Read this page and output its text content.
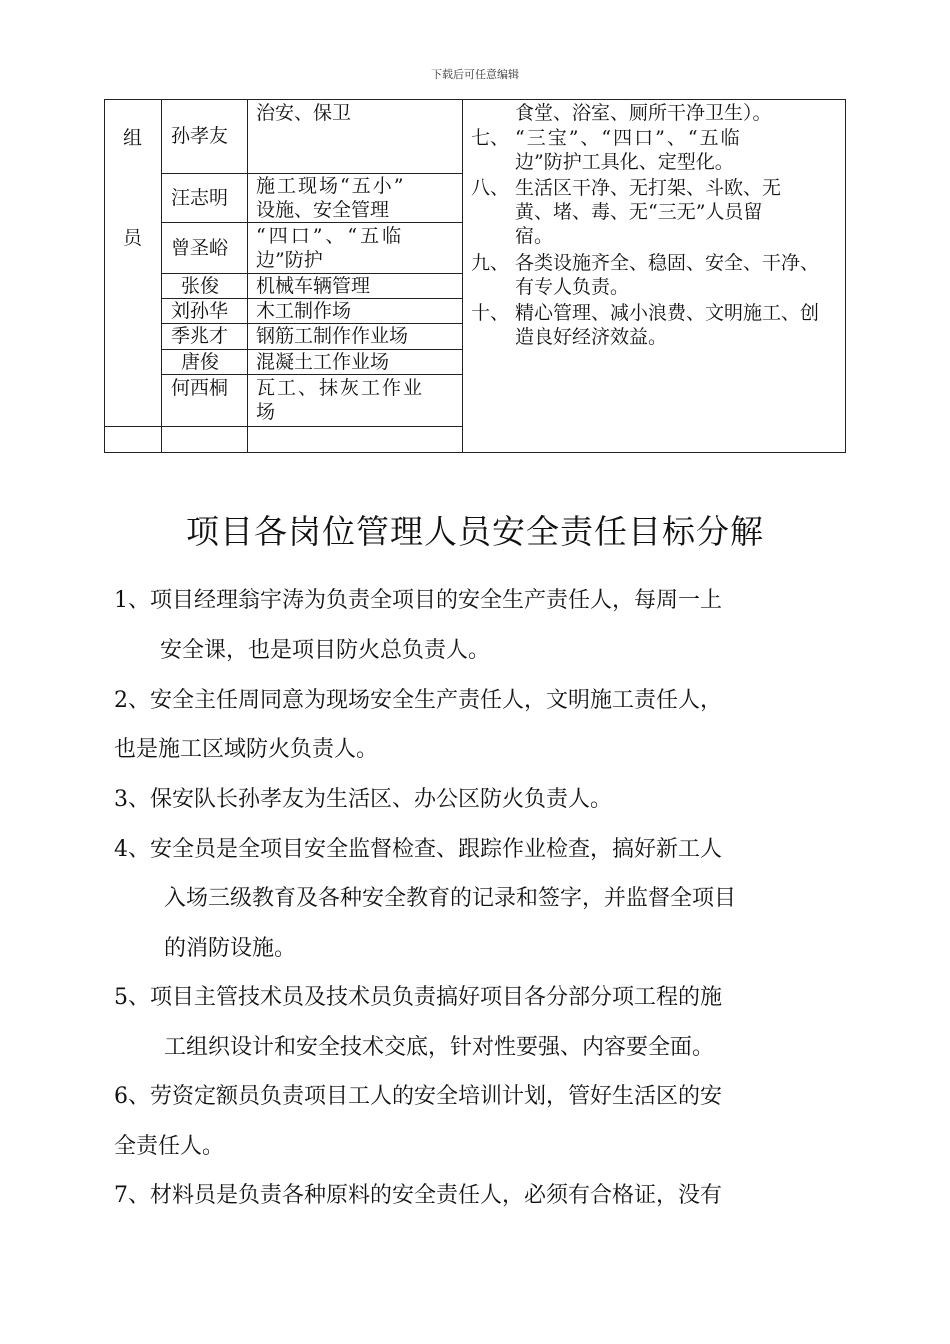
下载后可任意编辑
组
员
孙孝友
汪志明
曾圣峪
张俊
刘孙华
季兆才
唐俊
何西桐
治安、保卫
施工现场“五小”
设施、安全管理
“四口”、“五临
边”防护
机械车辆管理
木工制作场
钢筋工制作作业场
混凝土工作业场
瓦工、抹灰工作业
场
食堂、浴室、厕所干净卫生）。
七、 “三宝”、“四口”、“五临
边”防护工具化、定型化。
八、 生活区干净、无打架、斗欧、无
黄、堵、毒、无“三无”人员留
宿。
九、 各类设施齐全、稳固、安全、干净、
有专人负责。
十、 精心管理、减小浪费、文明施工、创
造良好经济效益。
项目各岗位管理人员安全责任目标分解
1、项目经理翁宇涛为负责全项目的安全生产责任人，每周一上
安全课，也是项目防火总负责人。
2、安全主任周同意为现场安全生产责任人，文明施工责任人，
也是施工区域防火负责人。
3、保安队长孙孝友为生活区、办公区防火负责人。
4、安全员是全项目安全监督检查、跟踪作业检查，搞好新工人
入场三级教育及各种安全教育的记录和签字，并监督全项目
的消防设施。
5、项目主管技术员及技术员负责搞好项目各分部分项工程的施
工组织设计和安全技术交底，针对性要强、内容要全面。
6、劳资定额员负责项目工人的安全培训计划，管好生活区的安
全责任人。
7、材料员是负责各种原料的安全责任人，必须有合格证，没有
